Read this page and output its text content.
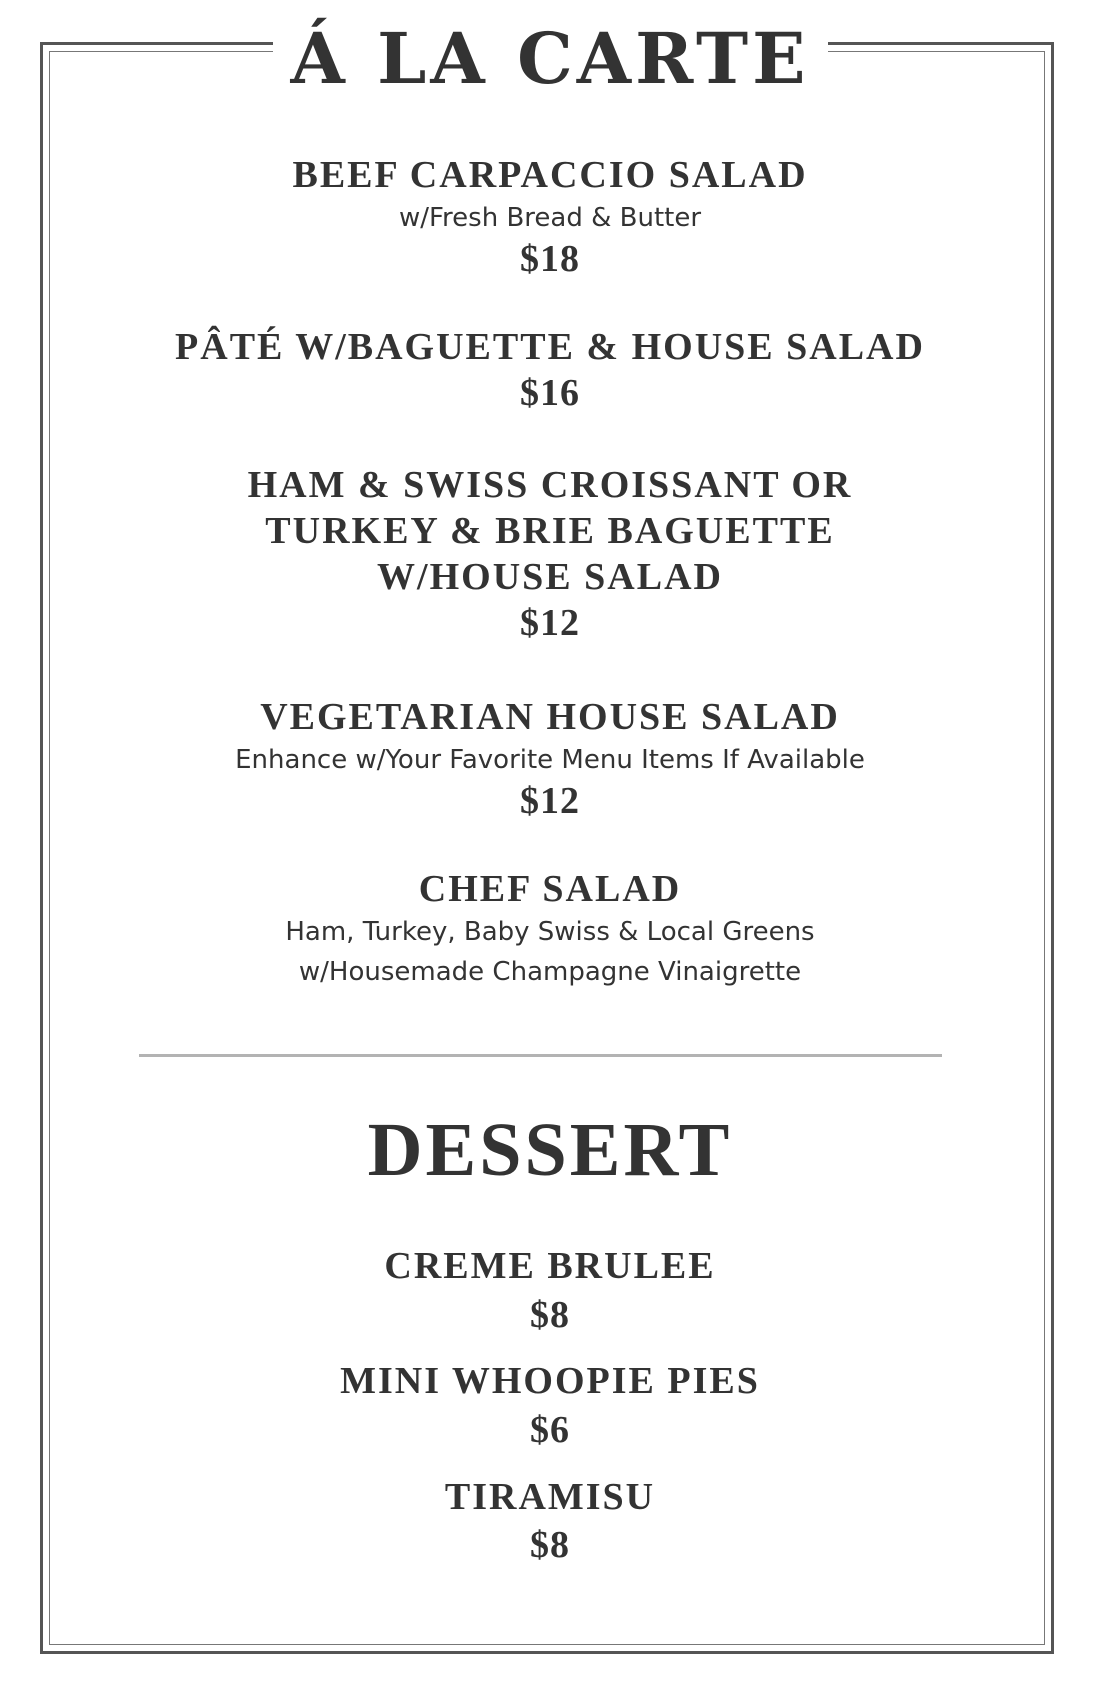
Á LA CARTE
BEEF CARPACCIO SALAD
w/Fresh Bread & Butter
$18
PÂTÉ W/BAGUETTE & HOUSE SALAD
$16
HAM & SWISS CROISSANT OR
TURKEY & BRIE BAGUETTE
W/HOUSE SALAD
$12
VEGETARIAN HOUSE SALAD
Enhance w/Your Favorite Menu Items If Available
$12
CHEF SALAD
Ham, Turkey, Baby Swiss & Local Greens
w/Housemade Champagne Vinaigrette
DESSERT
CREME BRULEE
$8
MINI WHOOPIE PIES
$6
TIRAMISU
$8
